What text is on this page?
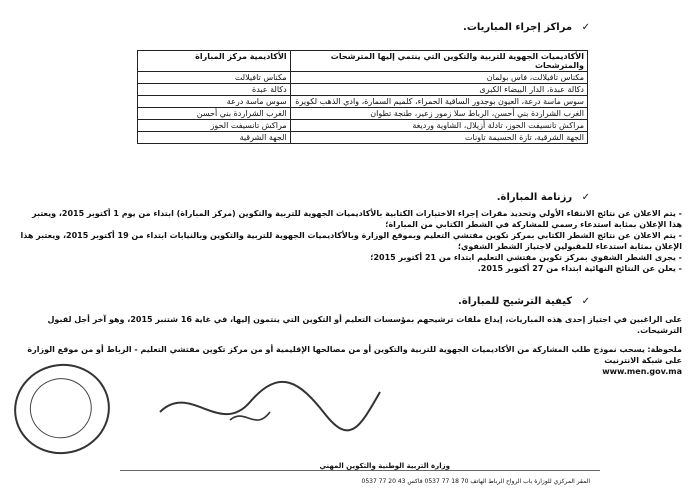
✓ مراكز إجراء المباريات.
الأكاديميات الجهوية للتربية والتكوين التي ينتمي إليها المترشحات والمترشحات	الأكاديمية مركز المباراة
مكناس تافيلالت، فاس بولمان	مكناس تافيلالت
دكالة عبدة، الدار البيضاء الكبرى	دكالة عبدة
سوس ماسة درعة، العيون بوجدور الساقية الحمراء، كلميم السمارة، وادي الذهب لكويرة	سوس ماسة درعة
الغرب الشراردة بني أحسن، الرباط سلا زمور زعير، طنجة تطوان	الغرب الشراردة بني أحسن
مراكش تانسيفت الحوز، تادلة أزيلال، الشاوية ورديغة	مراكش تانسيفت الحوز
الجهة الشرقية، تازة الحسيمة تاونات	الجهة الشرقية
✓ رزنامة المباراة.
- يتم الاعلان عن نتائج الانتقاء الأولي وتحديد مقرات إجراء الاختبارات الكتابية بالأكاديميات الجهوية للتربية والتكوين (مركز المباراة) ابتداء من يوم 1 أكتوبر 2015، ويعتبر هذا الإعلان بمثابة استدعاء رسمي للمشاركة في الشطر الكتابي من المباراة؛
- يتم الاعلان عن نتائج الشطر الكتابي بمركز تكوين مفتشي التعليم وبموقع الوزارة وبالأكاديميات الجهوية للتربية والتكوين وبالنيابات ابتداء من 19 أكتوبر 2015، ويعتبر هذا الإعلان بمثابة استدعاء للمقبولين لاجتياز الشطر الشفوي؛
- يجرى الشطر الشفوي بمركز تكوين مفتشي التعليم ابتداء من 21 أكتوبر 2015؛
- يعلن عن النتائج النهائية ابتداء من 27 أكتوبر 2015.
✓ كيفية الترشيح للمباراة.
على الراغبين في اجتياز إحدى هذه المباريات، إيداع ملفات ترشيحهم بمؤسسات التعليم أو التكوين التي ينتمون إليها، في غاية 16 شتنبر 2015، وهو آخر أجل لقبول الترشيحات.
ملحوظة: يسحب نموذج طلب المشاركة من الأكاديميات الجهوية للتربية والتكوين أو من مصالحها الإقليمية أو من مركز تكوين مفتشي التعليم - الرباط أو من موقع الوزارة على شبكة الانترنيت
www.men.gov.ma
وزارة التربية الوطنية والتكوين المهني
المقر المركزي للوزارة باب الرواح الرباط الهاتف 70 18 77 0537 فاكس 43 20 77 0537
